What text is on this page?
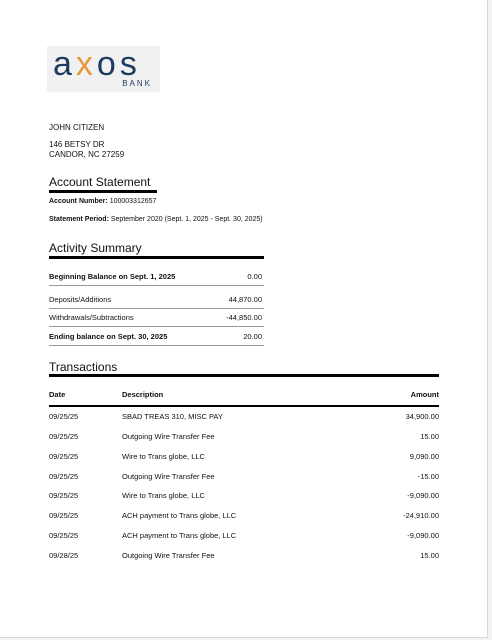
axos
BANK
JOHN CITIZEN
146 BETSY DR
CANDOR, NC 27259
Account Statement
Account Number: 100003312657
Statement Period: September 2020 (Sept. 1, 2025 - Sept. 30, 2025)
Activity Summary
Beginning Balance on Sept. 1, 2025	0.00
Deposits/Additions	44,870.00
Withdrawals/Subtractions	-44,850.00
Ending balance on Sept. 30, 2025	20.00
Transactions
Date	Description	Amount
09/25/25	SBAD TREAS 310, MISC PAY	34,900.00
09/25/25	Outgoing Wire Transfer Fee	15.00
09/25/25	Wire to Trans globe, LLC	9,090.00
09/25/25	Outgoing Wire Transfer Fee	-15.00
09/25/25	Wire to Trans globe, LLC	-9,090.00
09/25/25	ACH payment to Trans globe, LLC	-24,910.00
09/25/25	ACH payment to Trans globe, LLC	-9,090.00
09/28/25	Outgoing Wire Transfer Fee	15.00
